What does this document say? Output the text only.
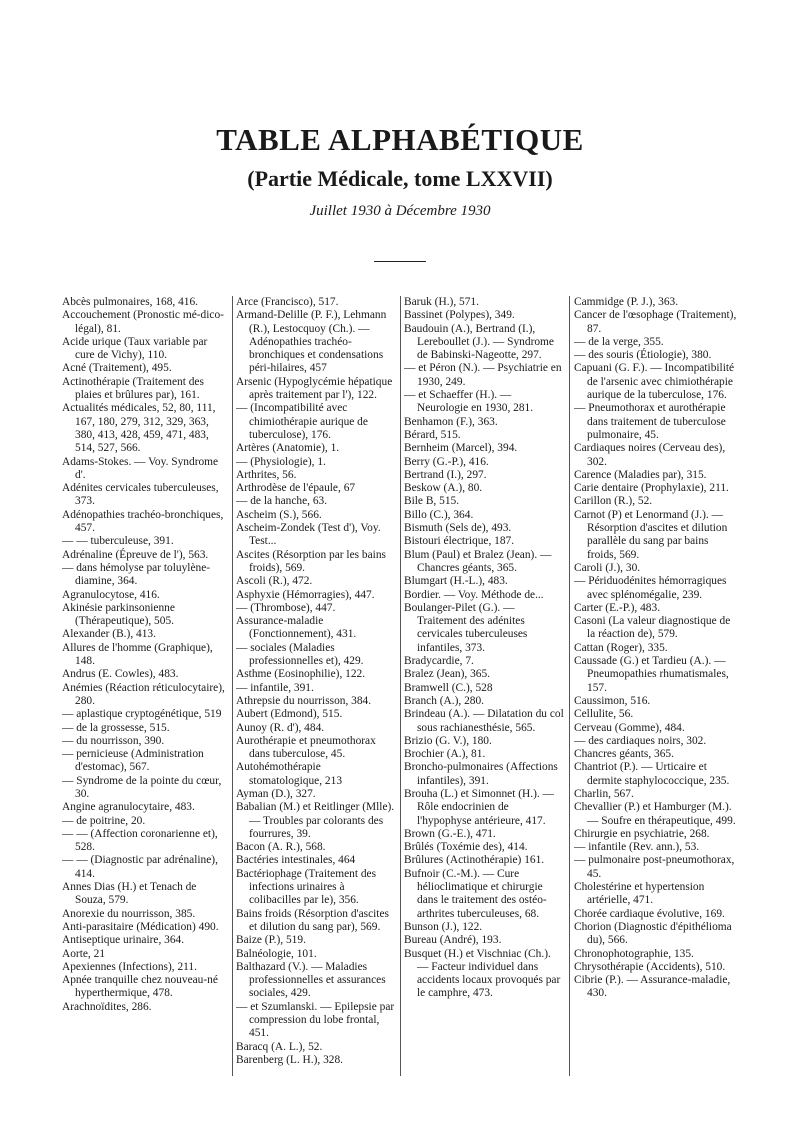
TABLE ALPHABÉTIQUE
(Partie Médicale, tome LXXVII)
Juillet 1930 à Décembre 1930

Abcès pulmonaires, 168, 416.

Accouchement (Pronostic mé-dico-légal), 81.

Acide urique (Taux variable par cure de Vichy), 110.

Acné (Traitement), 495.

Actinothérapie (Traitement des plaies et brûlures par), 161.

Actualités médicales, 52, 80, 111, 167, 180, 279, 312, 329, 363, 380, 413, 428, 459, 471, 483, 514, 527, 566.

Adams-Stokes. — Voy. Syndrome d'.

Adénites cervicales tuberculeuses, 373.

Adénopathies trachéo-bronchiques, 457.

— — tuberculeuse, 391.

Adrénaline (Épreuve de l'), 563.

— dans hémolyse par toluylène-diamine, 364.

Agranulocytose, 416.

Akinésie parkinsonienne (Thérapeutique), 505.

Alexander (B.), 413.

Allures de l'homme (Graphique), 148.

Andrus (E. Cowles), 483.

Anémies (Réaction réticulocytaire), 280.

— aplastique cryptogénétique, 519

— de la grossesse, 515.

— du nourrisson, 390.

— pernicieuse (Administration d'estomac), 567.

— Syndrome de la pointe du cœur, 30.

Angine agranulocytaire, 483.

— de poitrine, 20.

— — (Affection coronarienne et), 528.

— — (Diagnostic par adrénaline), 414.

Annes Dias (H.) et Tenach de Souza, 579.

Anorexie du nourrisson, 385.

Anti-parasitaire (Médication) 490.

Antiseptique urinaire, 364.

Aorte, 21

Apexiennes (Infections), 211.

Apnée tranquille chez nouveau-né hyperthermique, 478.

Arachnoïdites, 286.

Arce (Francisco), 517.

Armand-Delille (P. F.), Lehmann (R.), Lestocquoy (Ch.). — Adénopathies trachéo-bronchiques et condensations péri-hilaires, 457

Arsenic (Hypoglycémie hépatique après traitement par l'), 122.

— (Incompatibilité avec chimiothérapie aurique de tuberculose), 176.

Artères (Anatomie), 1.

— (Physiologie), 1.

Arthrites, 56.

Arthrodèse de l'épaule, 67

— de la hanche, 63.

Ascheim (S.), 566.

Ascheim-Zondek (Test d'), Voy. Test...

Ascites (Résorption par les bains froids), 569.

Ascoli (R.), 472.

Asphyxie (Hémorragies), 447.

— (Thrombose), 447.

Assurance-maladie (Fonctionnement), 431.

— sociales (Maladies professionnelles et), 429.

Asthme (Eosinophilie), 122.

— infantile, 391.

Athrepsie du nourrisson, 384.

Aubert (Edmond), 515.

Aunoy (R. d'), 484.

Aurothérapie et pneumothorax dans tuberculose, 45.

Autohémothérapie stomatologique, 213

Ayman (D.), 327.

Babalian (M.) et Reitlinger (Mlle). — Troubles par colorants des fourrures, 39.

Bacon (A. R.), 568.

Bactéries intestinales, 464

Bactériophage (Traitement des infections urinaires à colibacilles par le), 356.

Bains froids (Résorption d'ascites et dilution du sang par), 569.

Baize (P.), 519.

Balnéologie, 101.

Balthazard (V.). — Maladies professionnelles et assurances sociales, 429.

— et Szumlanski. — Epilepsie par compression du lobe frontal, 451.

Baracq (A. L.), 52.

Barenberg (L. H.), 328.

Baruk (H.), 571.

Bassinet (Polypes), 349.

Baudouin (A.), Bertrand (I.), Lereboullet (J.). — Syndrome de Babinski-Nageotte, 297.

— et Péron (N.). — Psychiatrie en 1930, 249.

— et Schaeffer (H.). — Neurologie en 1930, 281.

Benhamon (F.), 363.

Bérard, 515.

Bernheim (Marcel), 394.

Berry (G.-P.), 416.

Bertrand (I.), 297.

Beskow (A.), 80.

Bile B, 515.

Billo (C.), 364.

Bismuth (Sels de), 493.

Bistouri électrique, 187.

Blum (Paul) et Bralez (Jean). — Chancres géants, 365.

Blumgart (H.-L.), 483.

Bordier. — Voy. Méthode de...

Boulanger-Pilet (G.). — Traitement des adénites cervicales tuberculeuses infantiles, 373.

Bradycardie, 7.

Bralez (Jean), 365.

Bramwell (C.), 528

Branch (A.), 280.

Brindeau (A.). — Dilatation du col sous rachianesthésie, 565.

Brizio (G. V.), 180.

Brochier (A.), 81.

Broncho-pulmonaires (Affections infantiles), 391.

Brouha (L.) et Simonnet (H.). — Rôle endocrinien de l'hypophyse antérieure, 417.

Brown (G.-E.), 471.

Brûlés (Toxémie des), 414.

Brûlures (Actinothérapie) 161.

Bufnoir (C.-M.). — Cure hélioclimatique et chirurgie dans le traitement des ostéo-arthrites tuberculeuses, 68.

Bunson (J.), 122.

Bureau (André), 193.

Busquet (H.) et Vischniac (Ch.). — Facteur individuel dans accidents locaux provoqués par le camphre, 473.

Cammidge (P. J.), 363.

Cancer de l'œsophage (Traitement), 87.

— de la verge, 355.

— des souris (Étiologie), 380.

Capuani (G. F.). — Incompatibilité de l'arsenic avec chimiothérapie aurique de la tuberculose, 176.

— Pneumothorax et aurothérapie dans traitement de tuberculose pulmonaire, 45.

Cardiaques noires (Cerveau des), 302.

Carence (Maladies par), 315.

Carie dentaire (Prophylaxie), 211.

Carillon (R.), 52.

Carnot (P) et Lenormand (J.). — Résorption d'ascites et dilution parallèle du sang par bains froids, 569.

Caroli (J.), 30.

— Périduodénites hémorragiques avec splénomégalie, 239.

Carter (E.-P.), 483.

Casoni (La valeur diagnostique de la réaction de), 579.

Cattan (Roger), 335.

Caussade (G.) et Tardieu (A.). — Pneumopathies rhumatismales, 157.

Caussimon, 516.

Cellulite, 56.

Cerveau (Gomme), 484.

— des cardiaques noirs, 302.

Chancres géants, 365.

Chantriot (P.). — Urticaire et dermite staphylococcique, 235.

Charlin, 567.

Chevallier (P.) et Hamburger (M.). — Soufre en thérapeutique, 499.

Chirurgie en psychiatrie, 268.

— infantile (Rev. ann.), 53.

— pulmonaire post-pneumothorax, 45.

Cholestérine et hypertension artérielle, 471.

Chorée cardiaque évolutive, 169.

Chorion (Diagnostic d'épithélioma du), 566.

Chronophotographie, 135.

Chrysothérapie (Accidents), 510.

Cibrie (P.). — Assurance-maladie, 430.
